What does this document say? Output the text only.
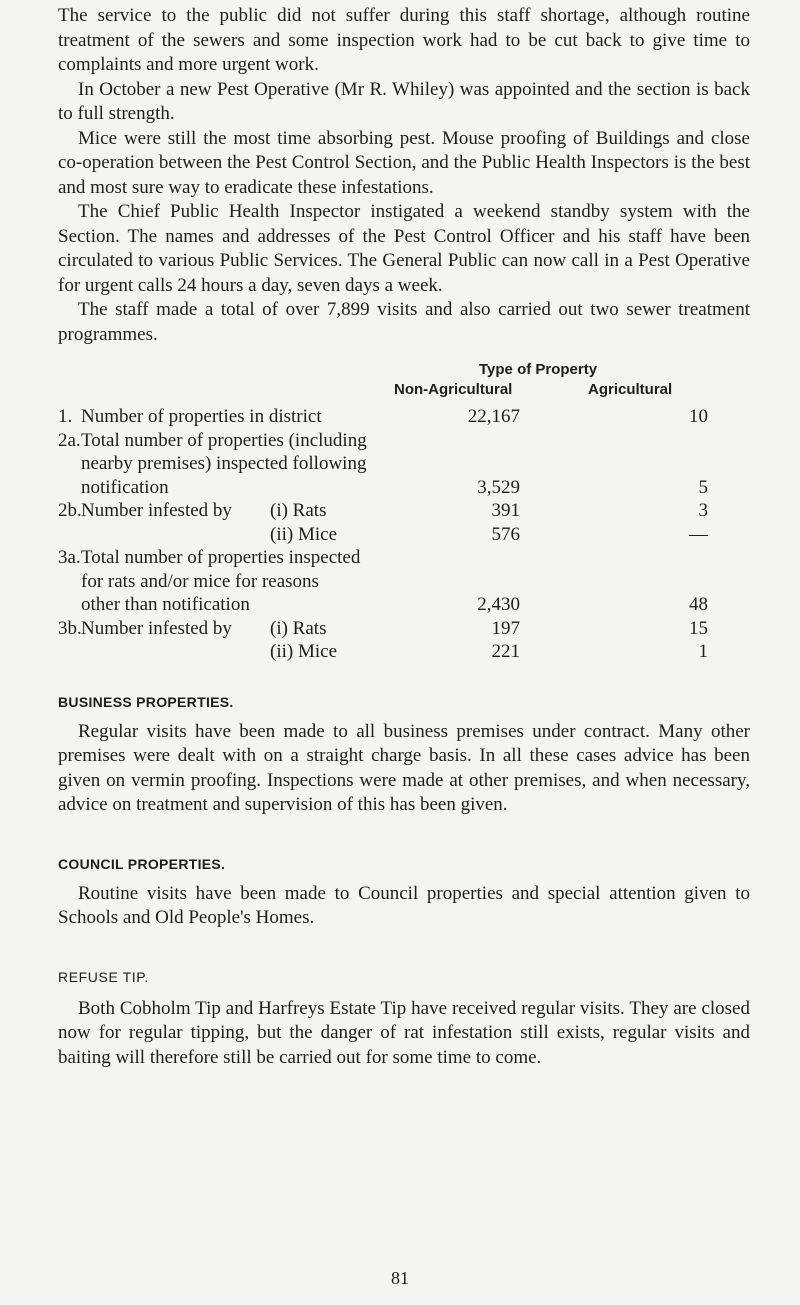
The service to the public did not suffer during this staff shortage, although routine treatment of the sewers and some inspection work had to be cut back to give time to complaints and more urgent work.

In October a new Pest Operative (Mr R. Whiley) was appointed and the section is back to full strength.

Mice were still the most time absorbing pest. Mouse proofing of Buildings and close co-operation between the Pest Control Section, and the Public Health Inspectors is the best and most sure way to eradicate these infestations.

The Chief Public Health Inspector instigated a weekend standby system with the Section. The names and addresses of the Pest Control Officer and his staff have been circulated to various Public Services. The General Public can now call in a Pest Operative for urgent calls 24 hours a day, seven days a week.

The staff made a total of over 7,899 visits and also carried out two sewer treatment programmes.

Type of Property
Non-Agricultural	Agricultural
1. Number of properties in district	22,167	10
2a. Total number of properties (including
nearby premises) inspected following
notification	3,529	5
2b. Number infested by (i) Rats	391	3
(ii) Mice	576	—
3a. Total number of properties inspected
for rats and/or mice for reasons
other than notification	2,430	48
3b. Number infested by (i) Rats	197	15
(ii) Mice	221	1
BUSINESS PROPERTIES.

Regular visits have been made to all business premises under contract. Many other premises were dealt with on a straight charge basis. In all these cases advice has been given on vermin proofing. Inspections were made at other premises, and when necessary, advice on treatment and supervision of this has been given.

COUNCIL PROPERTIES.

Routine visits have been made to Council properties and special attention given to Schools and Old People's Homes.

REFUSE TIP.

Both Cobholm Tip and Harfreys Estate Tip have received regular visits. They are closed now for regular tipping, but the danger of rat infestation still exists, regular visits and baiting will therefore still be carried out for some time to come.

81
